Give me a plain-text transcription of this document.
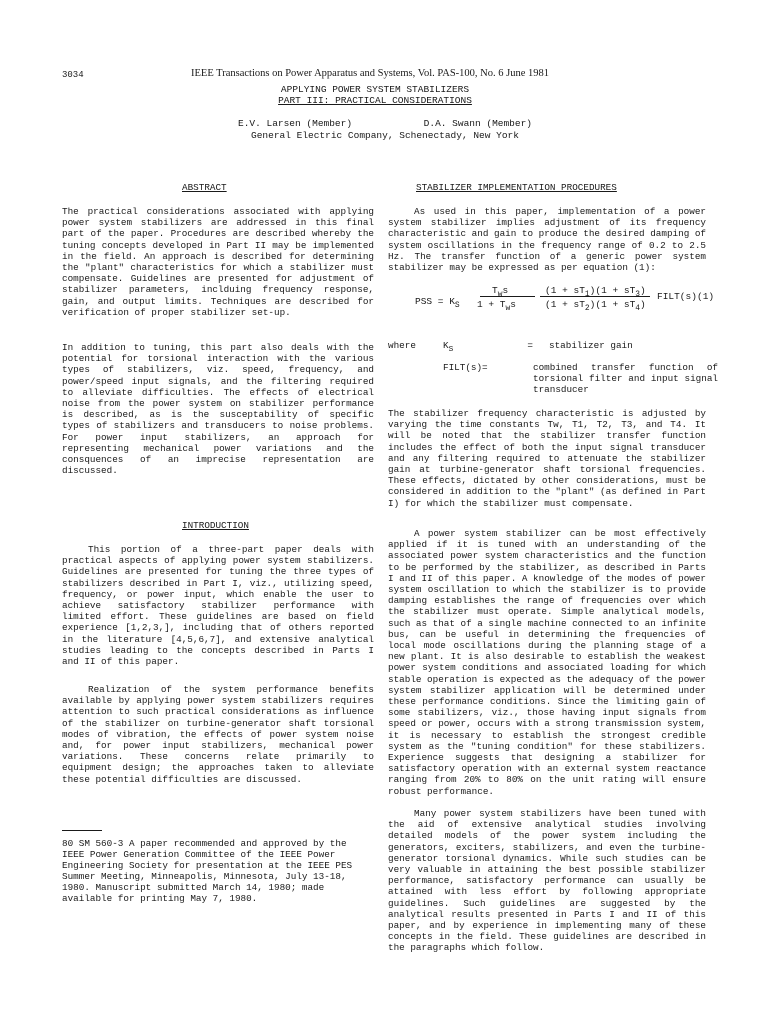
3034	IEEE Transactions on Power Apparatus and Systems, Vol. PAS-100, No. 6 June 1981
APPLYING POWER SYSTEM STABILIZERS
PART III: PRACTICAL CONSIDERATIONS
E.V. Larsen (Member)	D.A. Swann (Member)
General Electric Company, Schenectady, New York
ABSTRACT

The practical considerations associated with applying power system stabilizers are addressed in this final part of the paper. Procedures are described whereby the tuning concepts developed in Part II may be implemented in the field. An approach is described for determining the "plant" characteristics for which a stabilizer must compensate. Guidelines are presented for adjustment of stabilizer parameters, inclduing frequency response, gain, and output limits. Techniques are described for verification of proper stabilizer set-up.

In addition to tuning, this part also deals with the potential for torsional interaction with the various types of stabilizers, viz. speed, frequency, and power/speed input signals, and the filtering required to alleviate difficulties. The effects of electrical noise from the power system on stabilizer performance is described, as is the susceptability of specific types of stabilizers and transducers to noise problems. For power input stabilizers, an approach for representing mechanical power variations and the consquences of an imprecise representation are discussed.

INTRODUCTION

This portion of a three-part paper deals with practical aspects of applying power system stabilizers. Guidelines are presented for tuning the three types of stabilizers described in Part I, viz., utilizing speed, frequency, or power input, which enable the user to achieve satisfactory stabilizer performance with limited effort. These guidelines are based on field experience [1,2,3,], including that of others reported in the literature [4,5,6,7], and extensive analytical studies leading to the concepts described in Parts I and II of this paper.

Realization of the system performance benefits available by applying power system stabilizers requires attention to such practical considerations as influence of the stabilizer on turbine-generator shaft torsional modes of vibration, the effects of power system noise and, for power input stabilizers, mechanical power variations. These concerns relate primarily to equipment design; the approaches taken to alleviate these potential difficulties are discussed.

80 SM 560-3 A paper recommended and approved by the IEEE Power Generation Committee of the IEEE Power Engineering Society for presentation at the IEEE PES Summer Meeting, Minneapolis, Minnesota, July 13-18, 1980. Manuscript submitted March 14, 1980; made available for printing May 7, 1980.

STABILIZER IMPLEMENTATION PROCEDURES

As used in this paper, implementation of a power system stabilizer implies adjustment of its frequency characteristic and gain to produce the desired damping of system oscillations in the frequency range of 0.2 to 2.5 Hz. The transfer function of a generic power system stabilizer may be expressed as per equation (1):

PSS = $K_S$
$T_ws$
$1 + T_ws$
$(1 + sT_1)(1 + sT_3)$
$(1 + sT_2)(1 + sT_4)$
FILT(s) (1)
where	$K_S$	= stabilizer gain
FILT(s)=	combined transfer function of torsional filter and input signal transducer

The stabilizer frequency characteristic is adjusted by varying the time constants Tw, T1, T2, T3, and T4. It will be noted that the stabilizer transfer function includes the effect of both the input signal transducer and any filtering required to attenuate the stabilizer gain at turbine-generator shaft torsional frequencies. These effects, dictated by other considerations, must be considered in addition to the "plant" (as defined in Part I) for which the stabilizer must compensate.

A power system stabilizer can be most effectively applied if it is tuned with an understanding of the associated power system characteristics and the function to be performed by the stabilizer, as described in Parts I and II of this paper. A knowledge of the modes of power system oscillation to which the stabilizer is to provide damping establishes the range of frequencies over which the stabilizer must operate. Simple analytical models, such as that of a single machine connected to an infinite bus, can be useful in determining the frequencies of local mode oscillations during the planning stage of a new plant. It is also desirable to establish the weakest power system conditions and associated loading for which stable operation is expected as the adequacy of the power system stabilizer application will be determined under these performance conditions. Since the limiting gain of some stabilizers, viz., those having input signals from speed or power, occurs with a strong transmission system, it is necessary to establish the strongest credible system as the "tuning condition" for these stabilizers. Experience suggests that designing a stabilizer for satisfactory operation with an external system reactance ranging from 20% to 80% on the unit rating will ensure robust performance.

Many power system stabilizers have been tuned with the aid of extensive analytical studies involving detailed models of the power system including the generators, exciters, stabilizers, and even the turbine-generator torsional dynamics. While such studies can be very valuable in attaining the best possible stabilizer performance, satisfactory performance can usually be attained with less effort by following appropriate guidelines. Such guidelines are suggested by the analytical results presented in Parts I and II of this paper, and by experience in implementing many of these concepts in the field. These guidelines are described in the paragraphs which follow.
